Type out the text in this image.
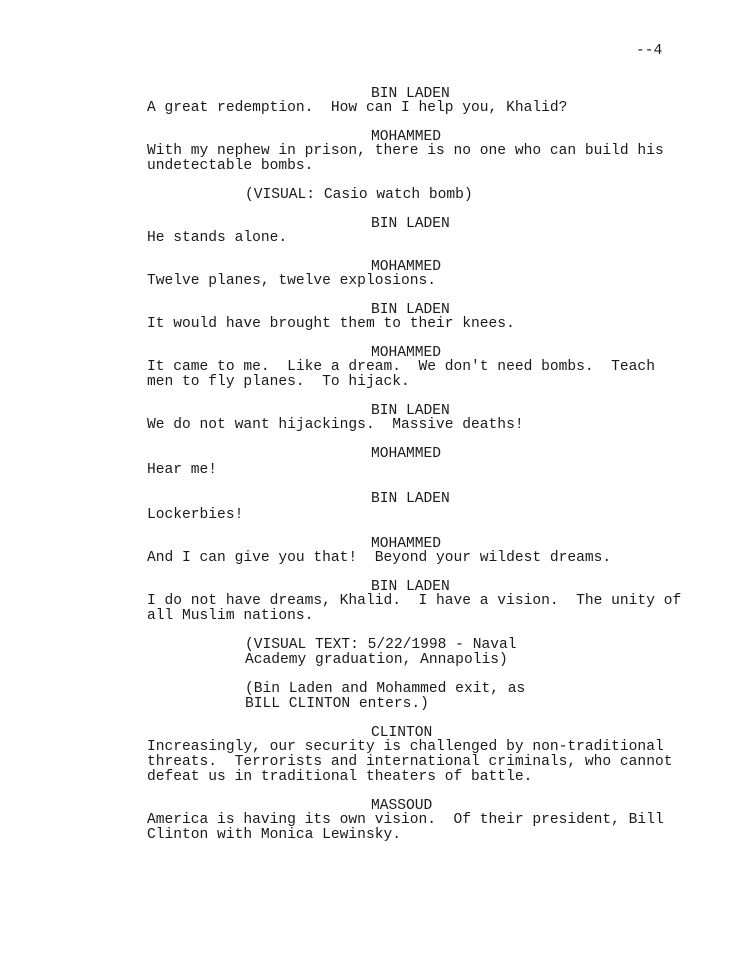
--4
BIN LADEN
A great redemption.  How can I help you, Khalid?
MOHAMMED
With my nephew in prison, there is no one who can build his
undetectable bombs.
(VISUAL: Casio watch bomb)
BIN LADEN
He stands alone.
MOHAMMED
Twelve planes, twelve explosions.
BIN LADEN
It would have brought them to their knees.
MOHAMMED
It came to me.  Like a dream.  We don't need bombs.  Teach
men to fly planes.  To hijack.
BIN LADEN
We do not want hijackings.  Massive deaths!
MOHAMMED
Hear me!
BIN LADEN
Lockerbies!
MOHAMMED
And I can give you that!  Beyond your wildest dreams.
BIN LADEN
I do not have dreams, Khalid.  I have a vision.  The unity of
all Muslim nations.
(VISUAL TEXT: 5/22/1998 - Naval
Academy graduation, Annapolis)
(Bin Laden and Mohammed exit, as
BILL CLINTON enters.)
CLINTON
Increasingly, our security is challenged by non-traditional
threats.  Terrorists and international criminals, who cannot
defeat us in traditional theaters of battle.
MASSOUD
America is having its own vision.  Of their president, Bill
Clinton with Monica Lewinsky.
